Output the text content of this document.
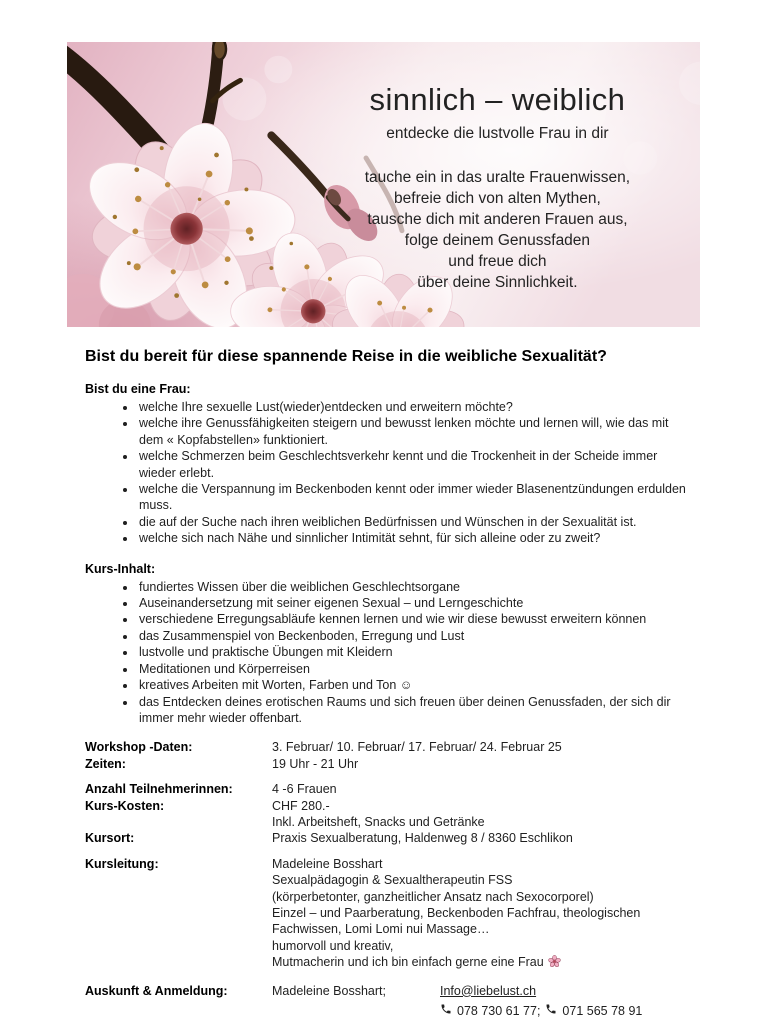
sinnlich – weiblich
entdecke die lustvolle Frau in dir
tauche ein in das uralte Frauenwissen,
befreie dich von alten Mythen,
tausche dich mit anderen Frauen aus,
folge deinem Genussfaden
und freue dich
über deine Sinnlichkeit.
Bist du bereit für diese spannende Reise in die weibliche Sexualität?
Bist du eine Frau:
• welche Ihre sexuelle Lust(wieder)entdecken und erweitern möchte?
• welche ihre Genussfähigkeiten steigern und bewusst lenken möchte und lernen will, wie das mit dem « Kopfabstellen» funktioniert.
• welche Schmerzen beim Geschlechtsverkehr kennt und die Trockenheit in der Scheide immer wieder erlebt.
• welche die Verspannung im Beckenboden kennt oder immer wieder Blasenentzündungen erdulden muss.
• die auf der Suche nach ihren weiblichen Bedürfnissen und Wünschen in der Sexualität ist.
• welche sich nach Nähe und sinnlicher Intimität sehnt, für sich alleine oder zu zweit?
Kurs-Inhalt:
• fundiertes Wissen über die weiblichen Geschlechtsorgane
• Auseinandersetzung mit seiner eigenen Sexual – und Lerngeschichte
• verschiedene Erregungsabläufe kennen lernen und wie wir diese bewusst erweitern können
• das Zusammenspiel von Beckenboden, Erregung und Lust
• lustvolle und praktische Übungen mit Kleidern
• Meditationen und Körperreisen
• kreatives Arbeiten mit Worten, Farben und Ton ☺
• das Entdecken deines erotischen Raums und sich freuen über deinen Genussfaden, der sich dir immer mehr wieder offenbart.
Workshop -Daten:	3. Februar/ 10. Februar/ 17. Februar/ 24. Februar 25
Zeiten:	19 Uhr - 21 Uhr
Anzahl Teilnehmerinnen:	4 -6 Frauen
Kurs-Kosten:	CHF 280.-
Inkl. Arbeitsheft, Snacks und Getränke
Kursort:	Praxis Sexualberatung, Haldenweg 8 / 8360 Eschlikon
Kursleitung:	Madeleine Bosshart
Sexualpädagogin & Sexualtherapeutin FSS
(körperbetonter, ganzheitlicher Ansatz nach Sexocorporel)
Einzel – und Paarberatung, Beckenboden Fachfrau, theologischen
Fachwissen, Lomi Lomi nui Massage…
humorvoll und kreativ,
Mutmacherin und ich bin einfach gerne eine Frau
Auskunft & Anmeldung:	Madeleine Bosshart;	Info@liebelust.ch
078 730 61 77; 071 565 78 91
